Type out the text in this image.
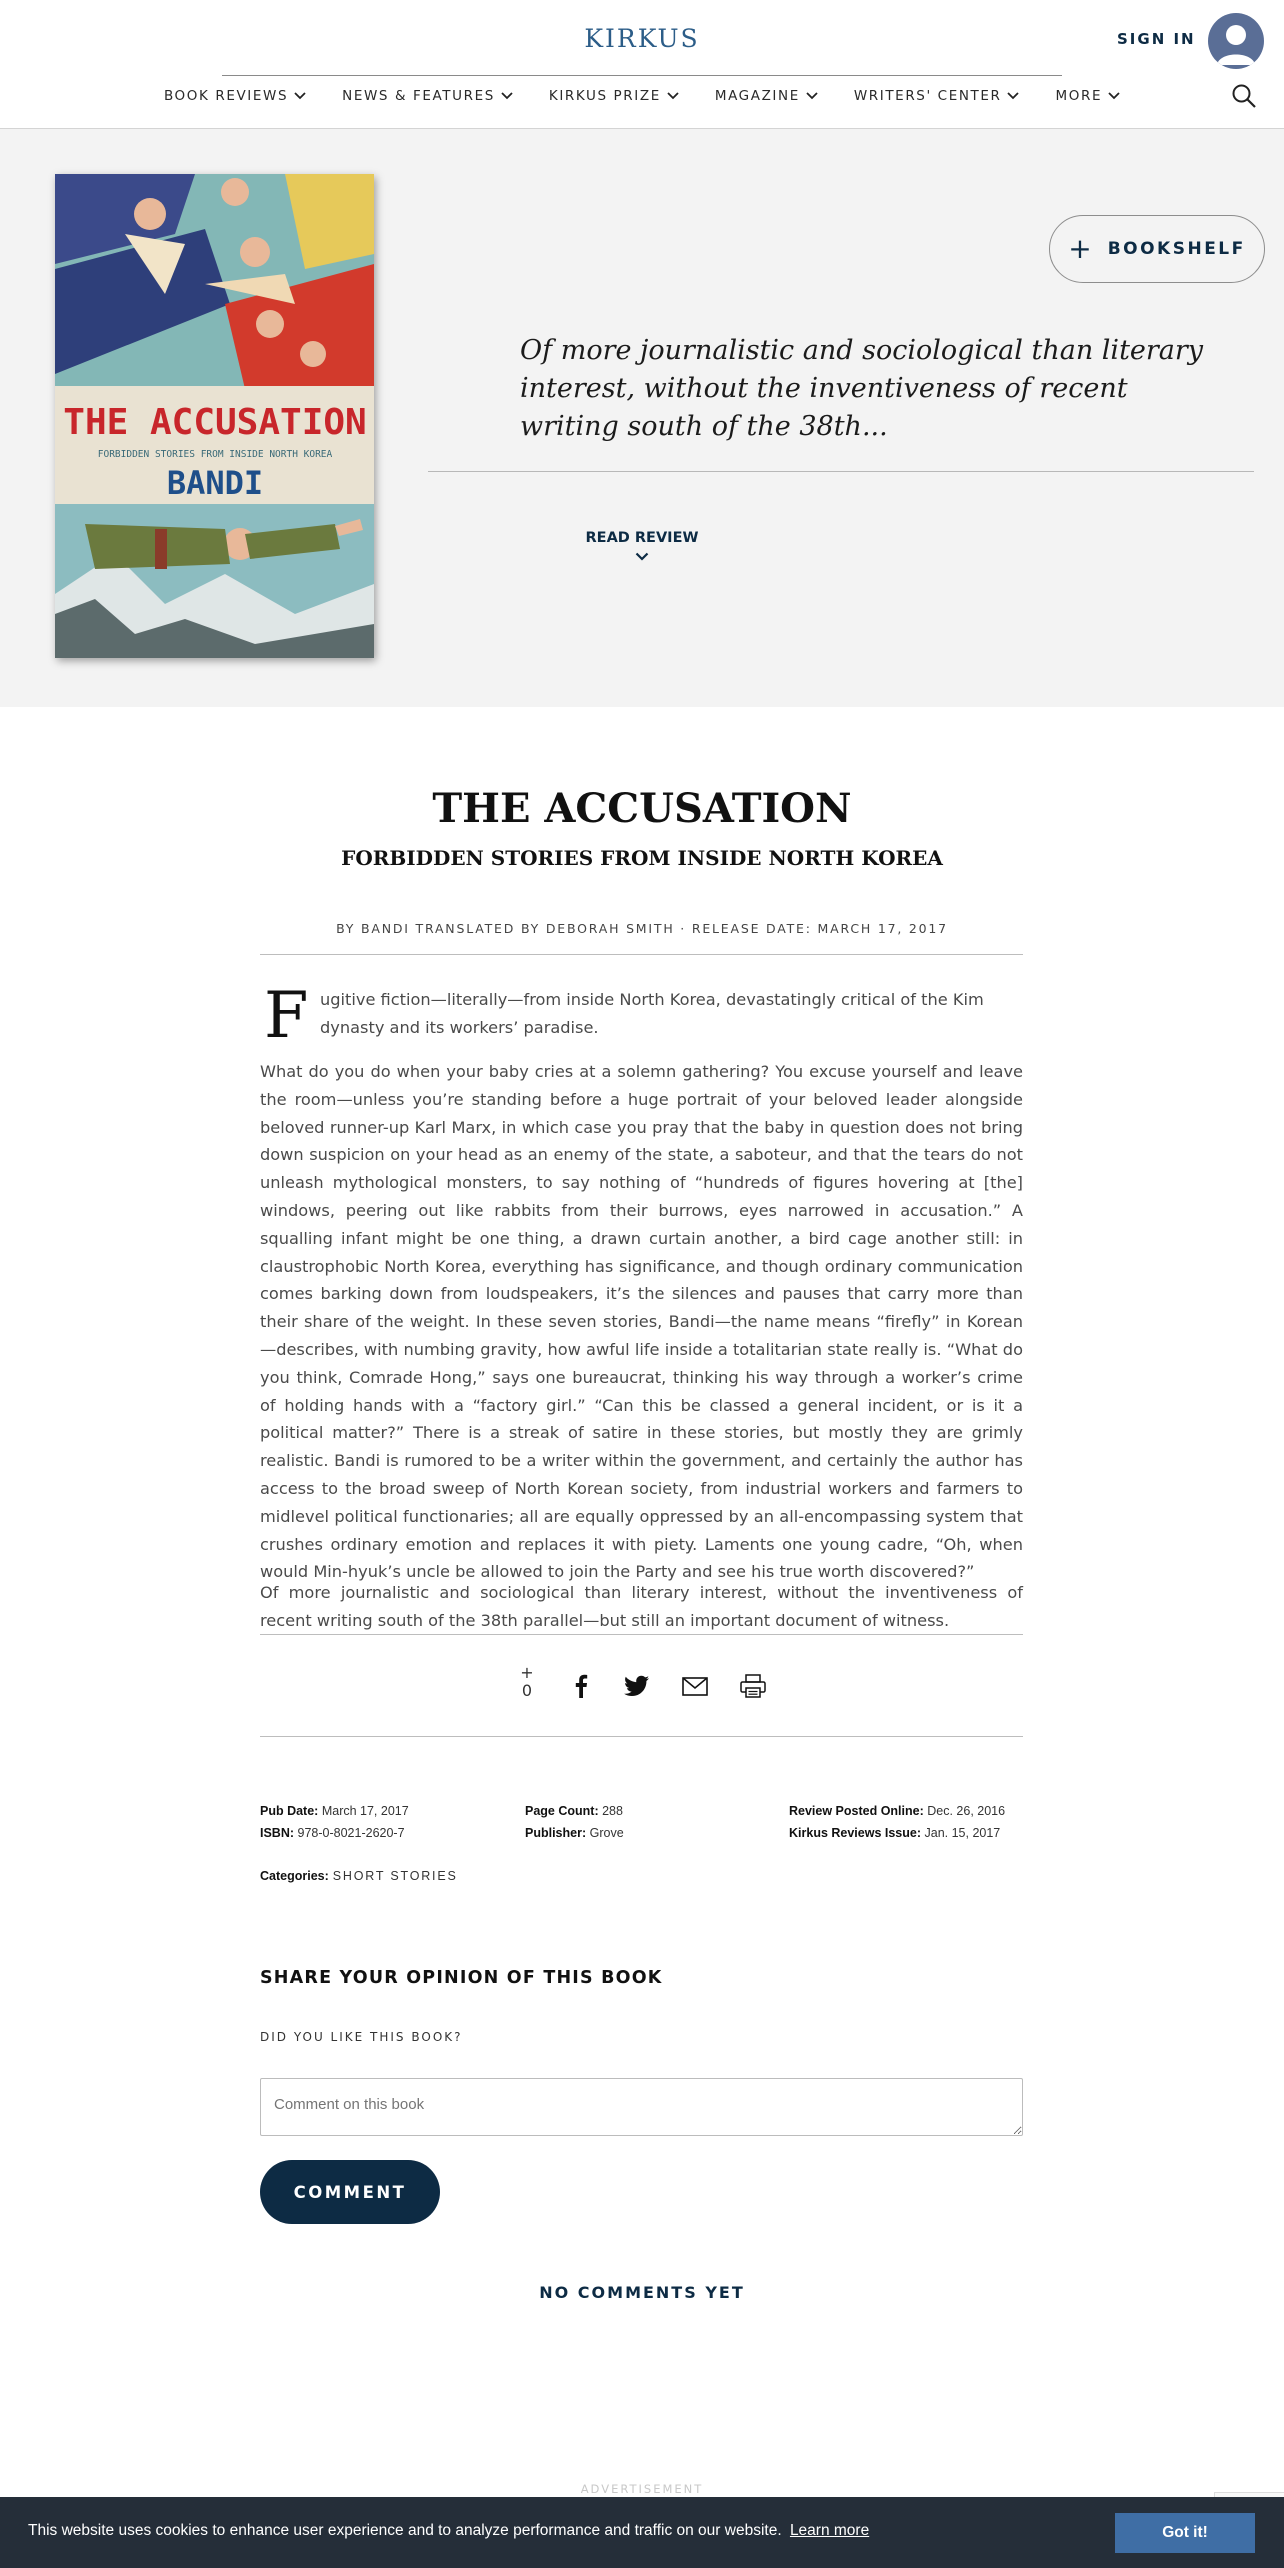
KIRKUS	SIGN IN
BOOK REVIEWS	NEWS & FEATURES	KIRKUS PRIZE	MAGAZINE	WRITERS' CENTER	MORE
THE ACCUSATION
FORBIDDEN STORIES FROM INSIDE NORTH KOREA
BANDI
+ BOOKSHELF
Of more journalistic and sociological than literary interest, without the inventiveness of recent writing south of the 38th...
READ REVIEW
THE ACCUSATION
FORBIDDEN STORIES FROM INSIDE NORTH KOREA
BY BANDI TRANSLATED BY DEBORAH SMITH · RELEASE DATE: MARCH 17, 2017
F ugitive fiction—literally—from inside North Korea, devastatingly critical of the Kim dynasty and its workers’ paradise.

What do you do when your baby cries at a solemn gathering? You excuse yourself and leave the room—unless you’re standing before a huge portrait of your beloved leader alongside beloved runner-up Karl Marx, in which case you pray that the baby in question does not bring down suspicion on your head as an enemy of the state, a saboteur, and that the tears do not unleash mythological monsters, to say nothing of “hundreds of figures hovering at [the] windows, peering out like rabbits from their burrows, eyes narrowed in accusation.” A squalling infant might be one thing, a drawn curtain another, a bird cage another still: in claustrophobic North Korea, everything has significance, and though ordinary communication comes barking down from loudspeakers, it’s the silences and pauses that carry more than their share of the weight. In these seven stories, Bandi—the name means “firefly” in Korean—describes, with numbing gravity, how awful life inside a totalitarian state really is. “What do you think, Comrade Hong,” says one bureaucrat, thinking his way through a worker’s crime of holding hands with a “factory girl.” “Can this be classed a general incident, or is it a political matter?” There is a streak of satire in these stories, but mostly they are grimly realistic. Bandi is rumored to be a writer within the government, and certainly the author has access to the broad sweep of North Korean society, from industrial workers and farmers to midlevel political functionaries; all are equally oppressed by an all-encompassing system that crushes ordinary emotion and replaces it with piety. Laments one young cadre, “Oh, when would Min-hyuk’s uncle be allowed to join the Party and see his true worth discovered?”

Of more journalistic and sociological than literary interest, without the inventiveness of recent writing south of the 38th parallel—but still an important document of witness.

+
0
Pub Date: March 17, 2017
ISBN: 978-0-8021-2620-7
Page Count: 288
Publisher: Grove
Review Posted Online: Dec. 26, 2016
Kirkus Reviews Issue: Jan. 15, 2017
Categories: SHORT STORIES
SHARE YOUR OPINION OF THIS BOOK
DID YOU LIKE THIS BOOK?
Comment on this book
COMMENT
NO COMMENTS YET
ADVERTISEMENT
This website uses cookies to enhance user experience and to analyze performance and traffic on our website. Learn more	Got it!
